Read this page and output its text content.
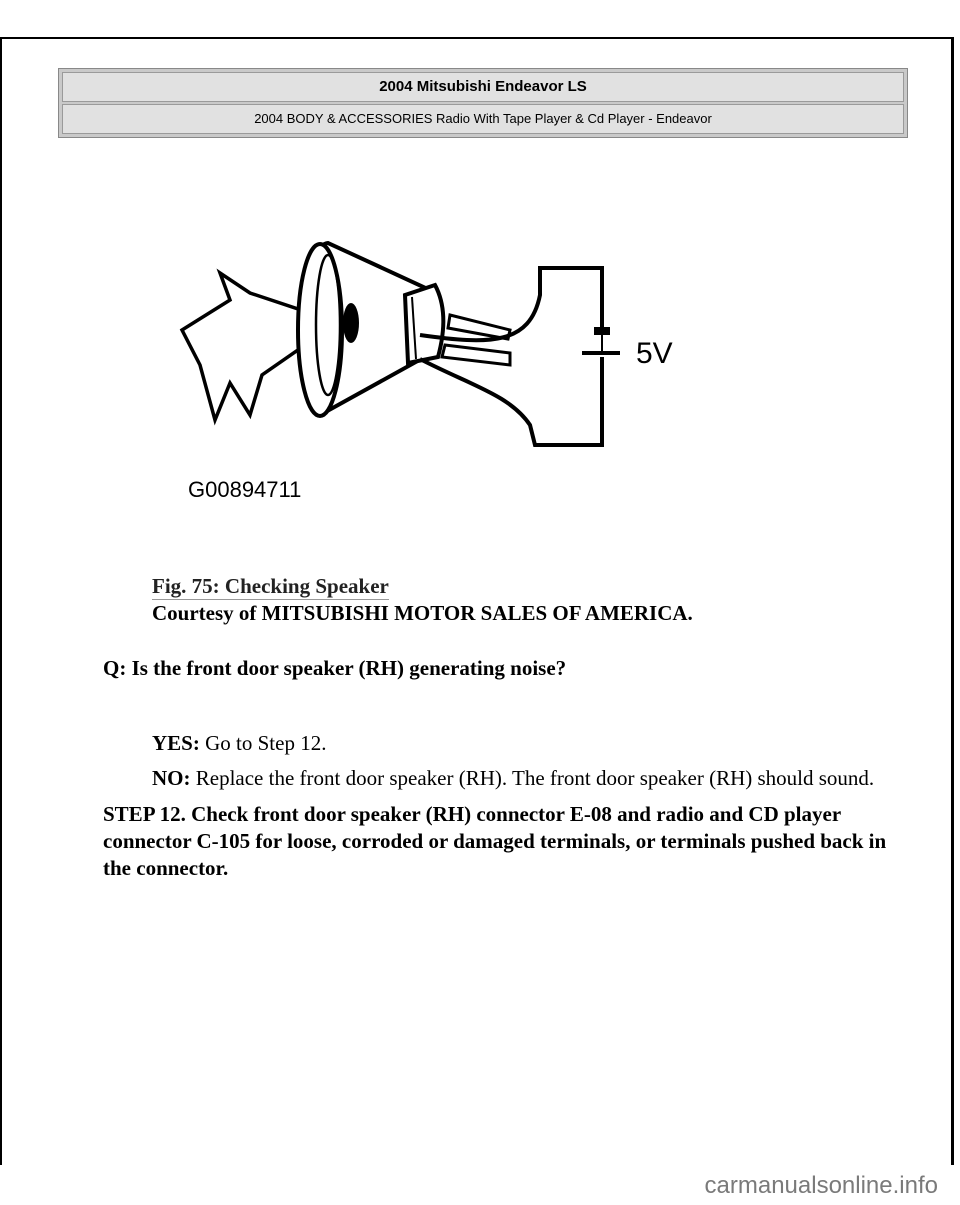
2004 Mitsubishi Endeavor LS
2004 BODY & ACCESSORIES Radio With Tape Player & Cd Player - Endeavor
5V
G00894711
Fig. 75: Checking Speaker
Courtesy of MITSUBISHI MOTOR SALES OF AMERICA.
Q: Is the front door speaker (RH) generating noise?
YES: Go to Step 12.
NO: Replace the front door speaker (RH). The front door speaker (RH) should sound.
STEP 12. Check front door speaker (RH) connector E-08 and radio and CD player connector C-105 for loose, corroded or damaged terminals, or terminals pushed back in the connector.
carmanualsonline.info
